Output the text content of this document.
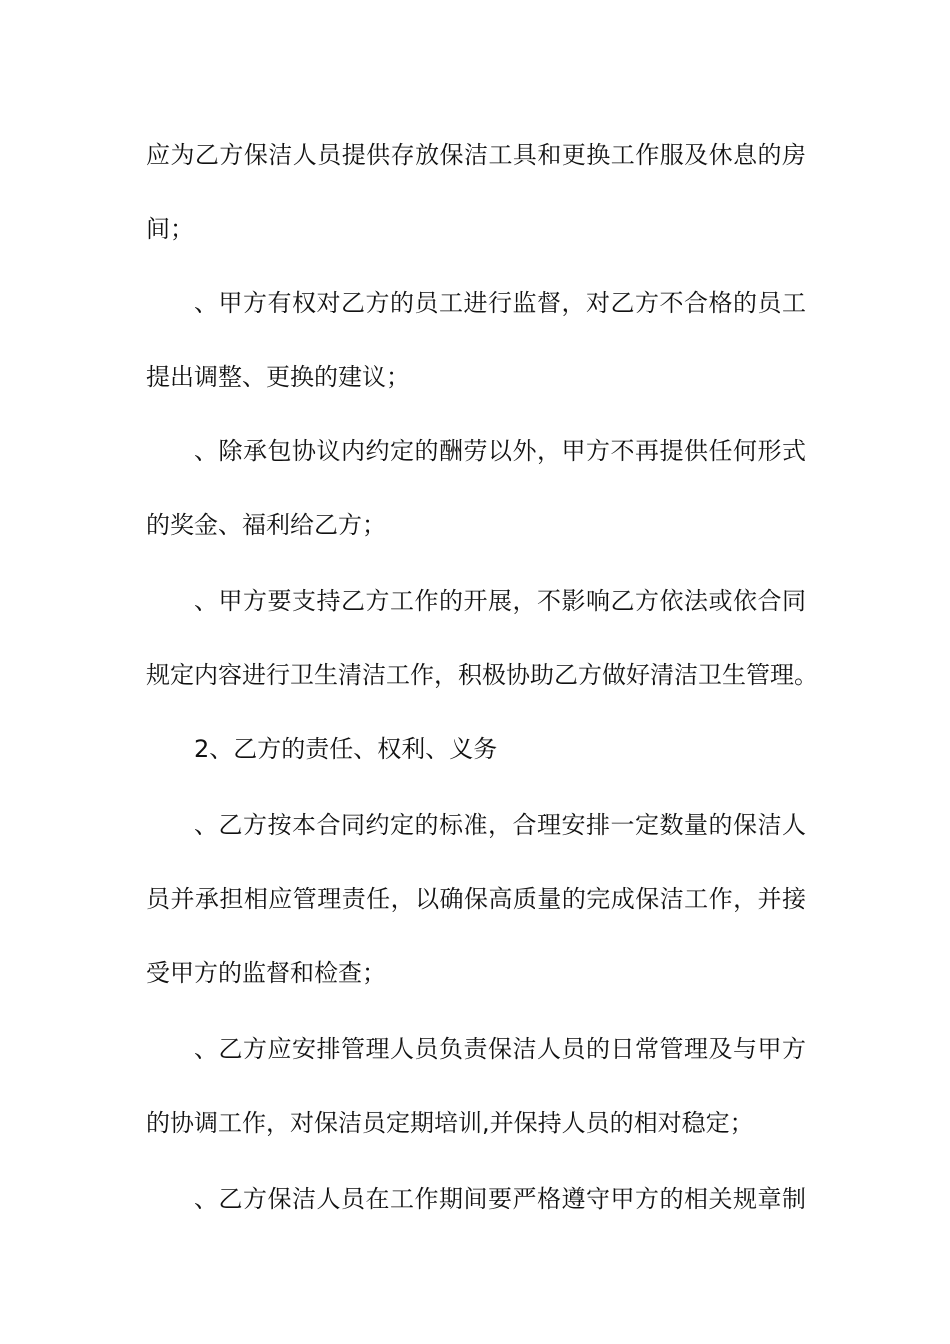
应为乙方保洁人员提供存放保洁工具和更换工作服及休息的房

间；

、甲方有权对乙方的员工进行监督，对乙方不合格的员工

提出调整、更换的建议；

、除承包协议内约定的酬劳以外，甲方不再提供任何形式

的奖金、福利给乙方；

、甲方要支持乙方工作的开展，不影响乙方依法或依合同

规定内容进行卫生清洁工作，积极协助乙方做好清洁卫生管理。

2、乙方的责任、权利、义务

、乙方按本合同约定的标准，合理安排一定数量的保洁人

员并承担相应管理责任，以确保高质量的完成保洁工作，并接

受甲方的监督和检查；

、乙方应安排管理人员负责保洁人员的日常管理及与甲方

的协调工作，对保洁员定期培训,并保持人员的相对稳定；

、乙方保洁人员在工作期间要严格遵守甲方的相关规章制
